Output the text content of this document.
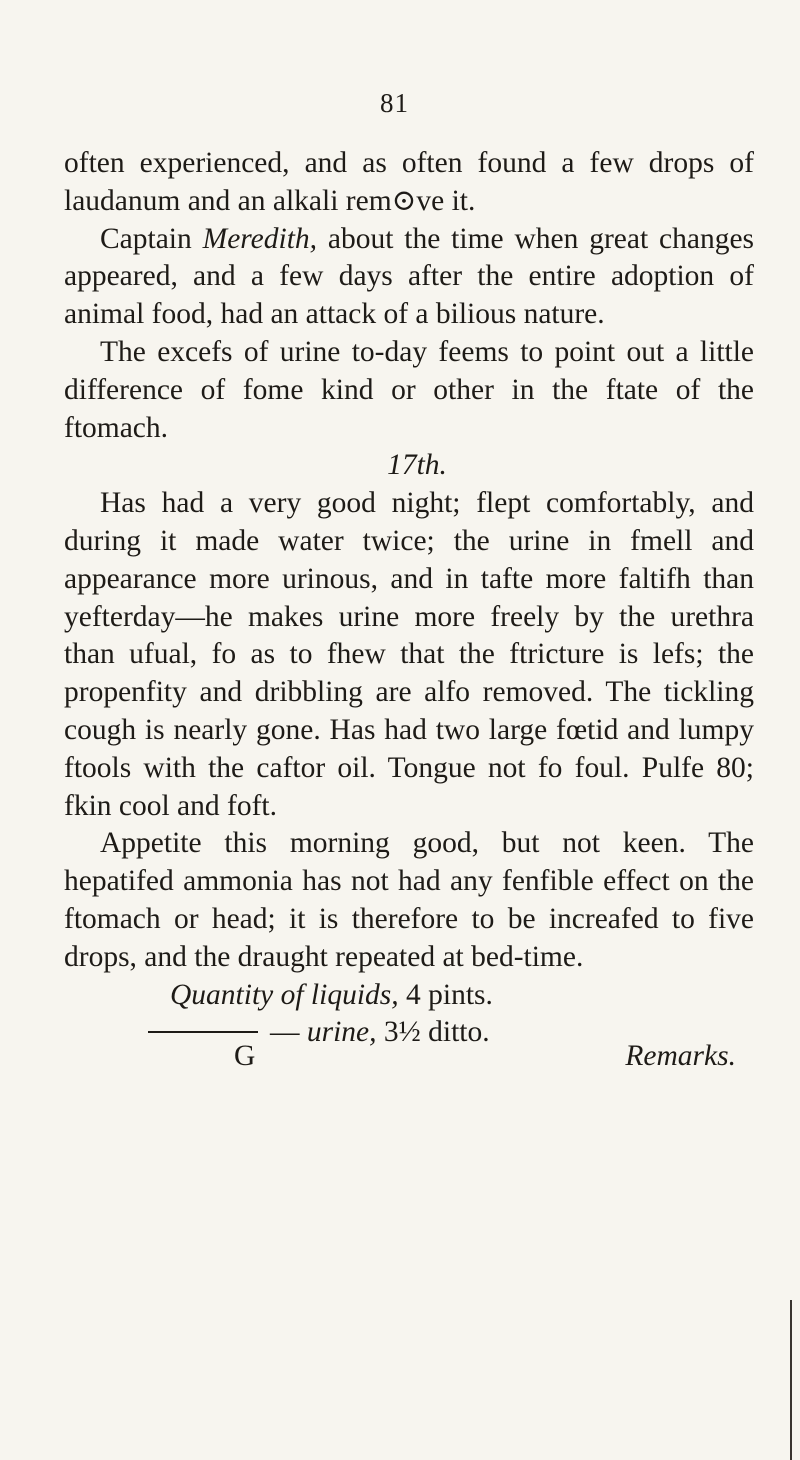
81

often experienced, and as often found a few drops of laudanum and an alkali rem⊙ve it.

Captain Meredith, about the time when great changes appeared, and a few days after the entire adoption of animal food, had an attack of a bilious nature.

The excefs of urine to-day feems to point out a little difference of fome kind or other in the ftate of the ftomach.

17th.

Has had a very good night; flept comfortably, and during it made water twice; the urine in fmell and appearance more urinous, and in tafte more faltifh than yefterday—he makes urine more freely by the urethra than ufual, fo as to fhew that the ftricture is lefs; the propenfity and dribbling are alfo removed. The tickling cough is nearly gone. Has had two large fœtid and lumpy ftools with the caftor oil. Tongue not fo foul. Pulfe 80; fkin cool and foft.

Appetite this morning good, but not keen. The hepatifed ammonia has not had any fenfible effect on the ftomach or head; it is therefore to be increafed to five drops, and the draught repeated at bed-time.

Quantity of liquids, 4 pints.

— urine, 3½ ditto.

G	Remarks.
